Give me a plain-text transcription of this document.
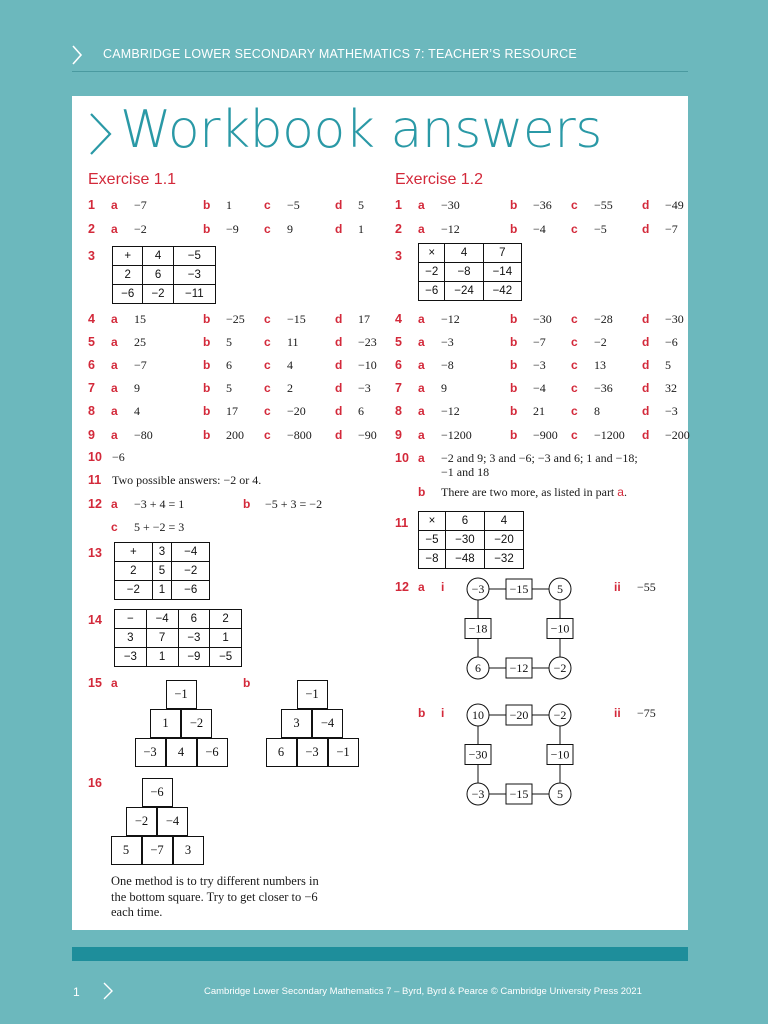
CAMBRIDGE LOWER SECONDARY MATHEMATICS 7: TEACHER’S RESOURCE
Workbook answers
Exercise 1.1
1 a −7	b 1	c −5	d 5
2 a −2	b −9 c 9	d 1
4 a 15	b −25 c −15 d 17
5 a 25	b 5	c 11	d −23
6 a −7	b 6	c 4	d −10
7 a 9	b 5	c 2	d −3
8 a 4	b 17 c −20 d 6
9 a −80	b 200 c −800 d −90
3	+	4	−5
2	6	−3
−6	−2	−11
10 −6
11 Two possible answers: −2 or 4.
12 a −3 + 4 = 1	b −5 + 3 = −2
c 5 + −2 = 3
13 +	3	−4
2	5	−2
−2	1	−6
14 −	−4	6	2
3	7	−3	1
−3	1	−9	−5
15 a	b
−1
1	−2
−3	4	−6
−1
3	−4
6	−3	−1
16
−6
−2	−4
5	−7	3
One method is to try different numbers in
the bottom square. Try to get closer to −6
each time.
Exercise 1.2
1 a −30	b −36 c −55 d −49
2 a −12	b −4 c −5	d −7
4 a −12	b −30 c −28 d −30
5 a −3	b −7 c −2	d −6
6 a −8	b −3 c 13	d 5
7 a 9	b −4 c −36 d 32
8 a −12	b 21 c 8	d −3
9 a −1200	b −900 c −1200 d −200
3 ×	4	7
−2	−8	−14
−6	−24	−42
10 a −2 and 9; 3 and −6; −3 and 6; 1 and −18;
−1 and 18
b There are two more, as listed in part a.
11 ×	6	4
−5	−30	−20
−8	−48	−32
12 a i	ii −55
b i	ii −75
−3	5
6	−2
−15
−12
−18	−10
10	−2
−3	5
−20
−15
−30	−10
1	Cambridge Lower Secondary Mathematics 7 – Byrd, Byrd & Pearce © Cambridge University Press 2021
